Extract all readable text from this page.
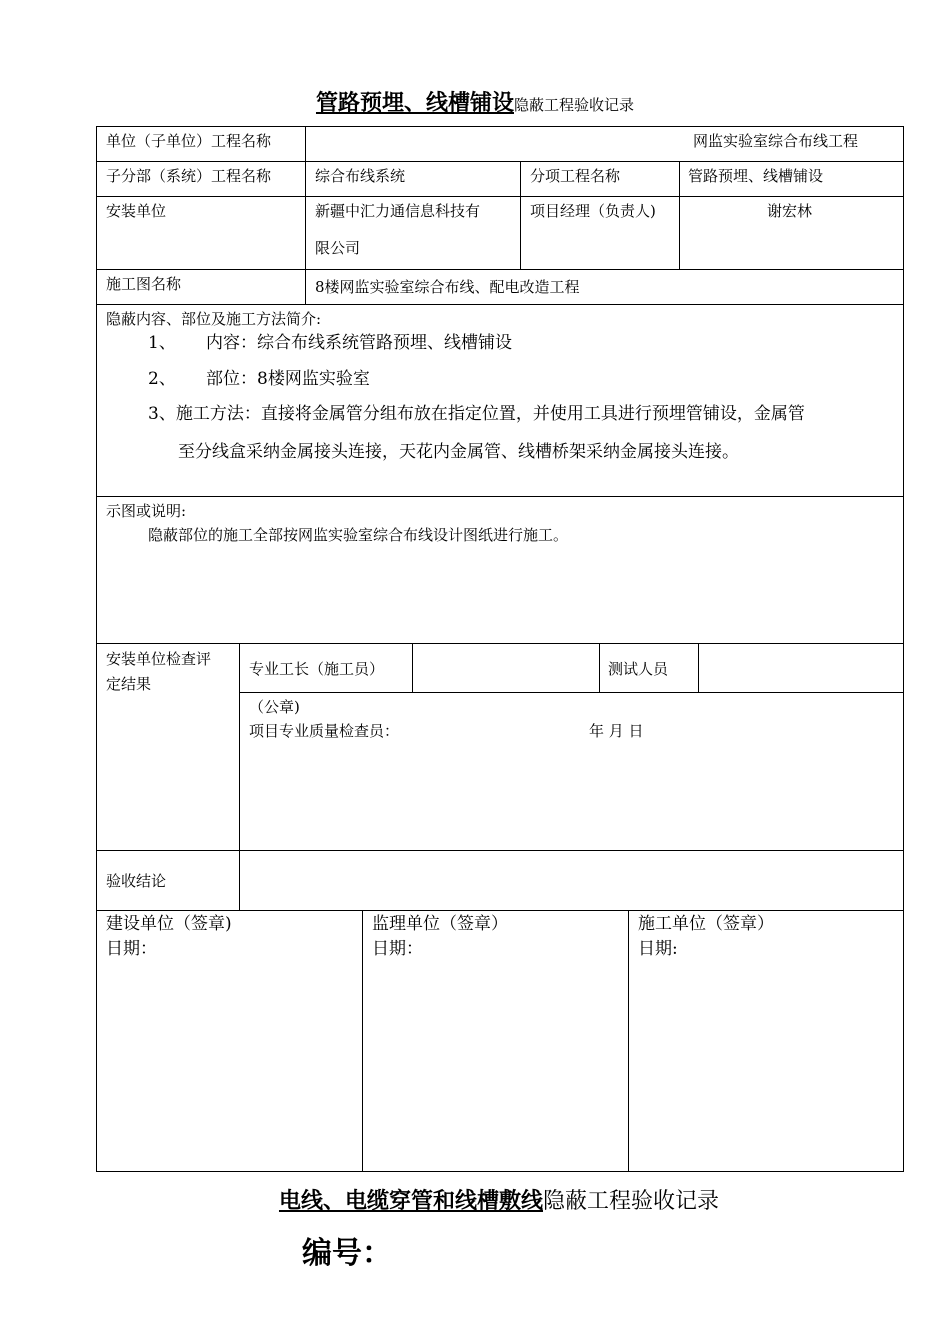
管路预埋、线槽铺设隐蔽工程验收记录
单位（子单位）工程名称	网监实验室综合布线工程
子分部（系统）工程名称	综合布线系统	分项工程名称	管路预埋、线槽铺设
安装单位	新疆中汇力通信息科技有
限公司
项目经理（负责人)	谢宏林
施工图名称	8楼网监实验室综合布线、配电改造工程
隐蔽内容、部位及施工方法简介:
1、 内容：综合布线系统管路预埋、线槽铺设
2、 部位：8楼网监实验室
3、施工方法：直接将金属管分组布放在指定位置，并使用工具进行预埋管铺设，金属管
至分线盒采纳金属接头连接，天花内金属管、线槽桥架采纳金属接头连接。
示图或说明:
隐蔽部位的施工全部按网监实验室综合布线设计图纸进行施工。
安装单位检查评
定结果
专业工长（施工员）	测试人员
（公章)
项目专业质量检查员：	年 月 日
验收结论
建设单位（签章)
日期：
监理单位（签章）
日期：
施工单位（签章）
日期:
电线、电缆穿管和线槽敷线隐蔽工程验收记录
编号：
